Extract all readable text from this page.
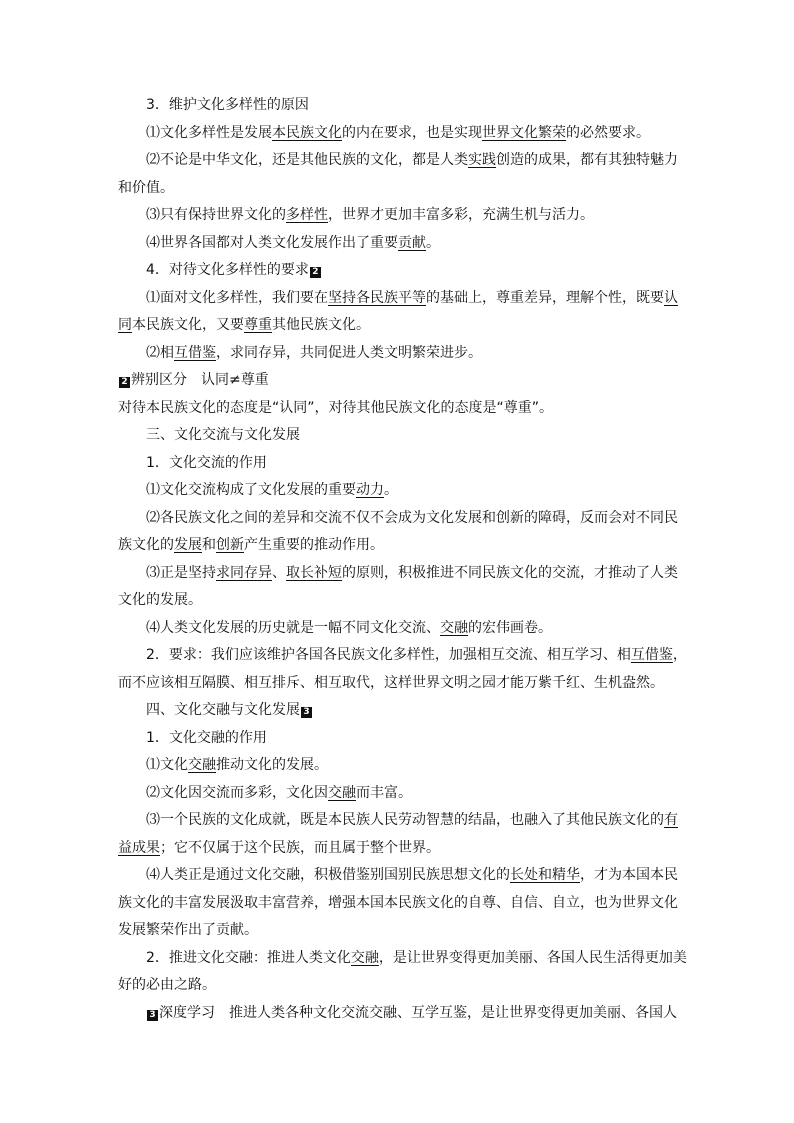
3．维护文化多样性的原因

⑴文化多样性是发展本民族文化的内在要求，也是实现世界文化繁荣的必然要求。

⑵不论是中华文化，还是其他民族的文化，都是人类实践创造的成果，都有其独特魅力

和价值。

⑶只有保持世界文化的多样性，世界才更加丰富多彩，充满生机与活力。

⑷世界各国都对人类文化发展作出了重要贡献。

4．对待文化多样性的要求 2

⑴面对文化多样性，我们要在坚持各民族平等的基础上，尊重差异，理解个性，既要认

同本民族文化，又要尊重其他民族文化。

⑵相互借鉴，求同存异，共同促进人类文明繁荣进步。

2 辨别区分　认同≠尊重

对待本民族文化的态度是“认同”，对待其他民族文化的态度是“尊重”。

三、文化交流与文化发展

1．文化交流的作用

⑴文化交流构成了文化发展的重要动力。

⑵各民族文化之间的差异和交流不仅不会成为文化发展和创新的障碍，反而会对不同民

族文化的发展和创新产生重要的推动作用。

⑶正是坚持求同存异、取长补短的原则，积极推进不同民族文化的交流，才推动了人类

文化的发展。

⑷人类文化发展的历史就是一幅不同文化交流、交融的宏伟画卷。

2．要求：我们应该维护各国各民族文化多样性，加强相互交流、相互学习、相互借鉴，

而不应该相互隔膜、相互排斥、相互取代，这样世界文明之园才能万紫千红、生机盎然。

四、文化交融与文化发展 3

1．文化交融的作用

⑴文化交融推动文化的发展。

⑵文化因交流而多彩，文化因交融而丰富。

⑶一个民族的文化成就，既是本民族人民劳动智慧的结晶，也融入了其他民族文化的有

益成果；它不仅属于这个民族，而且属于整个世界。

⑷人类正是通过文化交融，积极借鉴别国别民族思想文化的长处和精华，才为本国本民

族文化的丰富发展汲取丰富营养，增强本国本民族文化的自尊、自信、自立，也为世界文化

发展繁荣作出了贡献。

2．推进文化交融：推进人类文化交融，是让世界变得更加美丽、各国人民生活得更加美

好的必由之路。

3 深度学习　推进人类各种文化交流交融、互学互鉴，是让世界变得更加美丽、各国人
